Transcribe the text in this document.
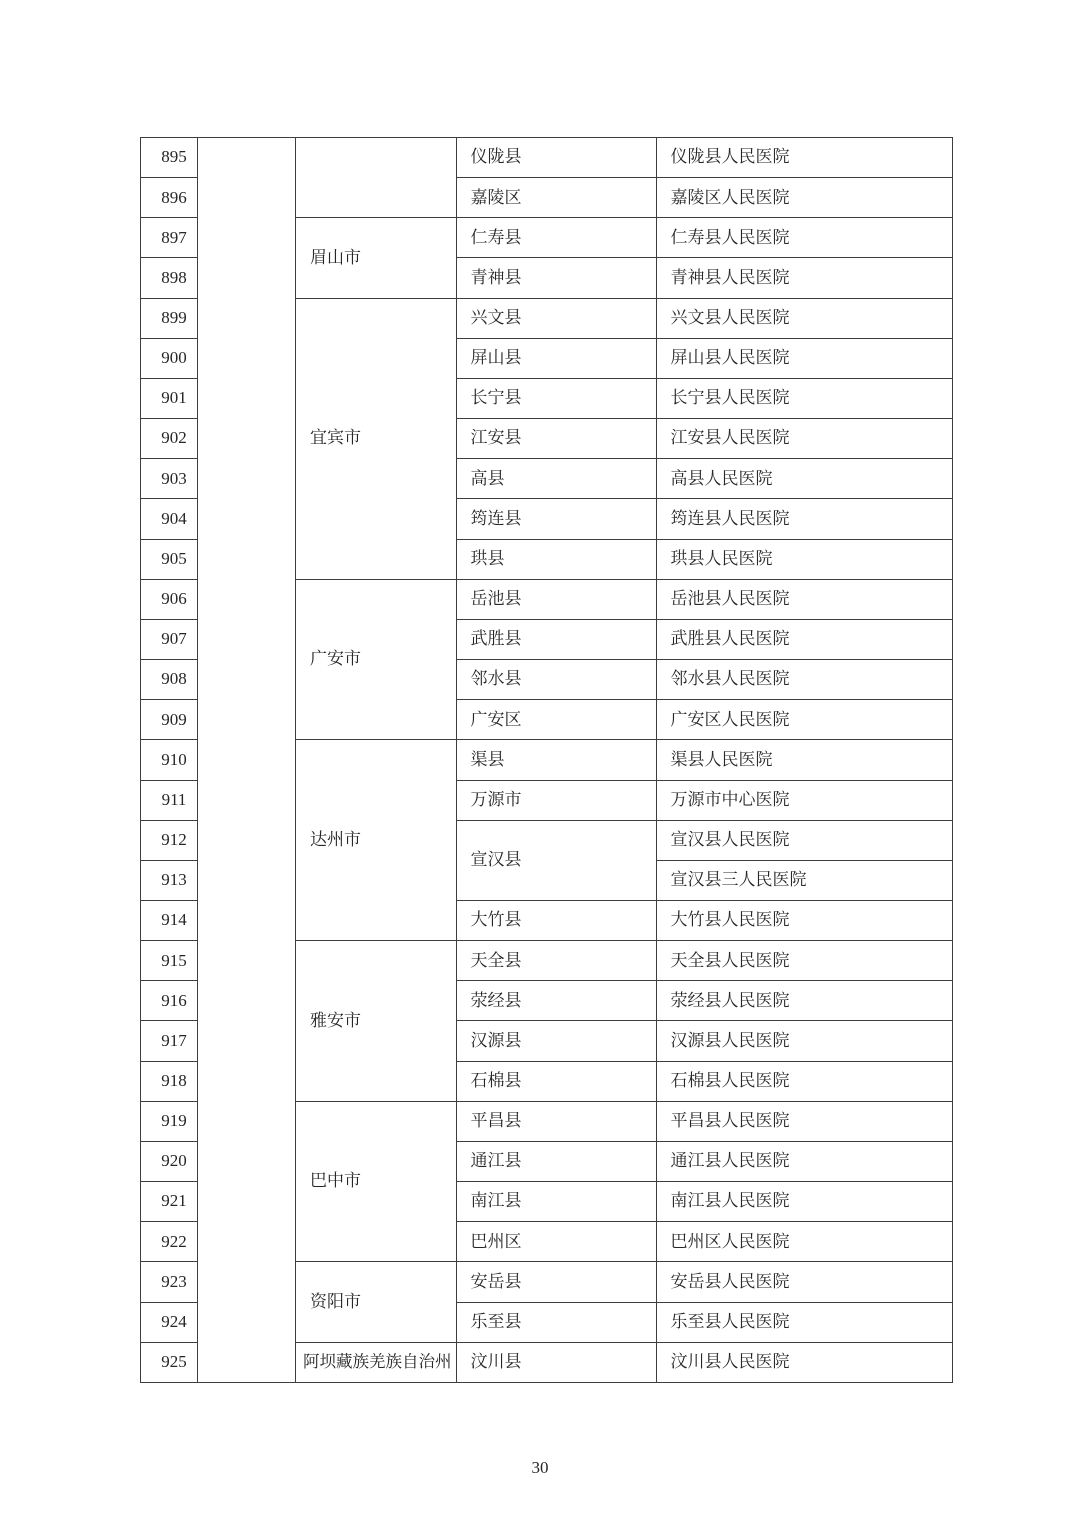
895			仪陇县	仪陇县人民医院
896			嘉陵区	嘉陵区人民医院
897		眉山市	仁寿县	仁寿县人民医院
898			青神县	青神县人民医院
899		宜宾市	兴文县	兴文县人民医院
900			屏山县	屏山县人民医院
901			长宁县	长宁县人民医院
902			江安县	江安县人民医院
903			高县	高县人民医院
904			筠连县	筠连县人民医院
905			珙县	珙县人民医院
906		广安市	岳池县	岳池县人民医院
907			武胜县	武胜县人民医院
908			邻水县	邻水县人民医院
909			广安区	广安区人民医院
910		达州市	渠县	渠县人民医院
911			万源市	万源市中心医院
912			宣汉县	宣汉县人民医院
913				宣汉县三人民医院
914			大竹县	大竹县人民医院
915		雅安市	天全县	天全县人民医院
916			荥经县	荥经县人民医院
917			汉源县	汉源县人民医院
918			石棉县	石棉县人民医院
919		巴中市	平昌县	平昌县人民医院
920			通江县	通江县人民医院
921			南江县	南江县人民医院
922			巴州区	巴州区人民医院
923		资阳市	安岳县	安岳县人民医院
924			乐至县	乐至县人民医院
925		阿坝藏族羌族自治州	汶川县	汶川县人民医院
30
